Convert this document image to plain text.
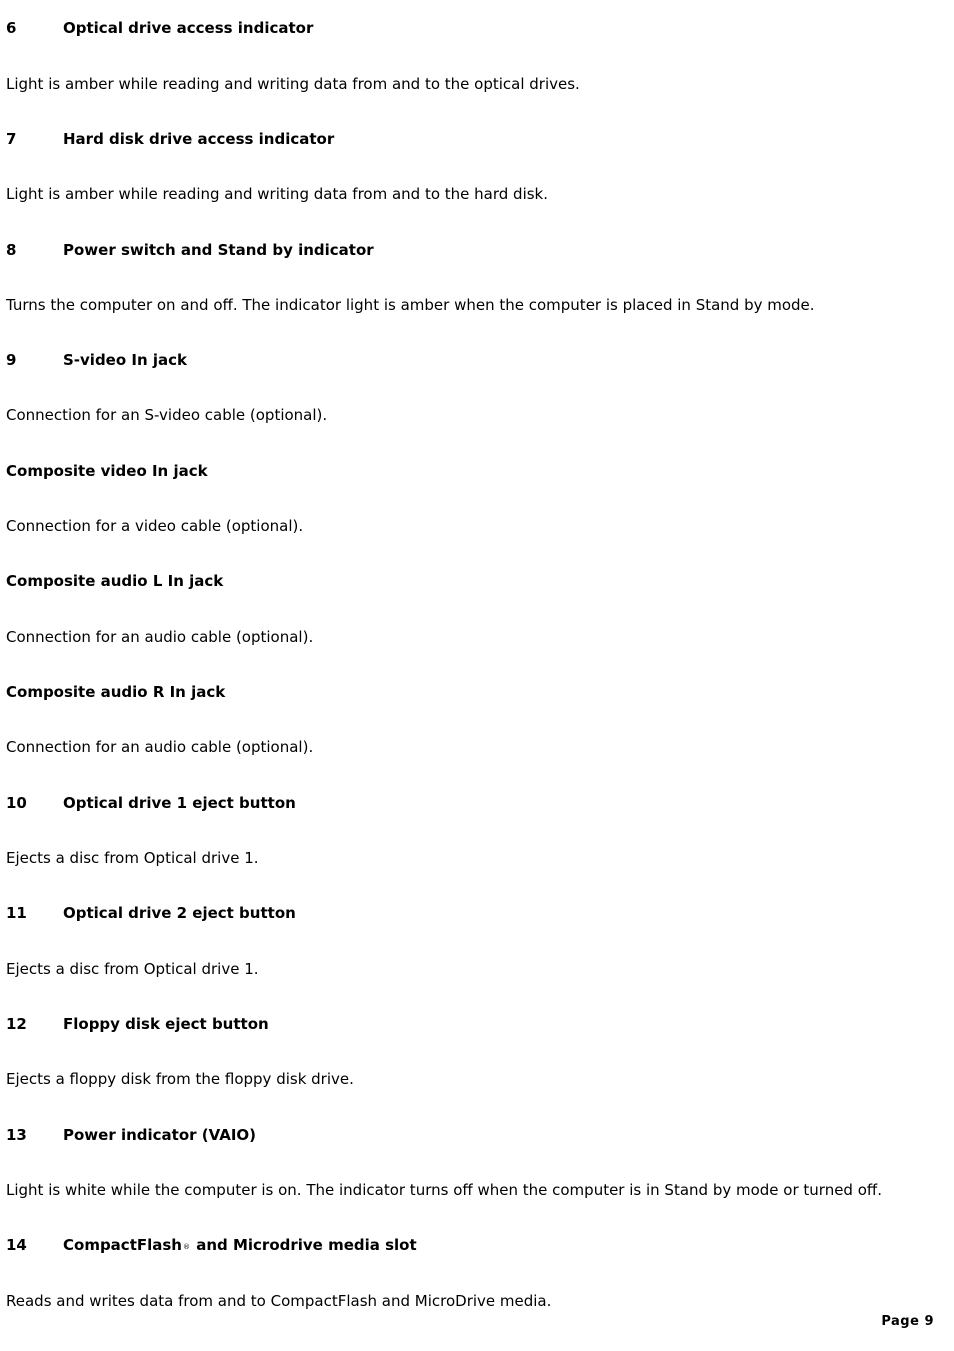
6	Optical drive access indicator
Light is amber while reading and writing data from and to the optical drives.
7	Hard disk drive access indicator
Light is amber while reading and writing data from and to the hard disk.
8	Power switch and Stand by indicator
Turns the computer on and off. The indicator light is amber when the computer is placed in Stand by mode.
9	S-video In jack
Connection for an S-video cable (optional).
Composite video In jack
Connection for a video cable (optional).
Composite audio L In jack
Connection for an audio cable (optional).
Composite audio R In jack
Connection for an audio cable (optional).
10 Optical drive 1 eject button
Ejects a disc from Optical drive 1.
11 Optical drive 2 eject button
Ejects a disc from Optical drive 1.
12 Floppy disk eject button
Ejects a floppy disk from the floppy disk drive.
13 Power indicator (VAIO)
Light is white while the computer is on. The indicator turns off when the computer is in Stand by mode or turned off.
14 CompactFlash® and Microdrive media slot
Reads and writes data from and to CompactFlash and MicroDrive media.
Page 9
